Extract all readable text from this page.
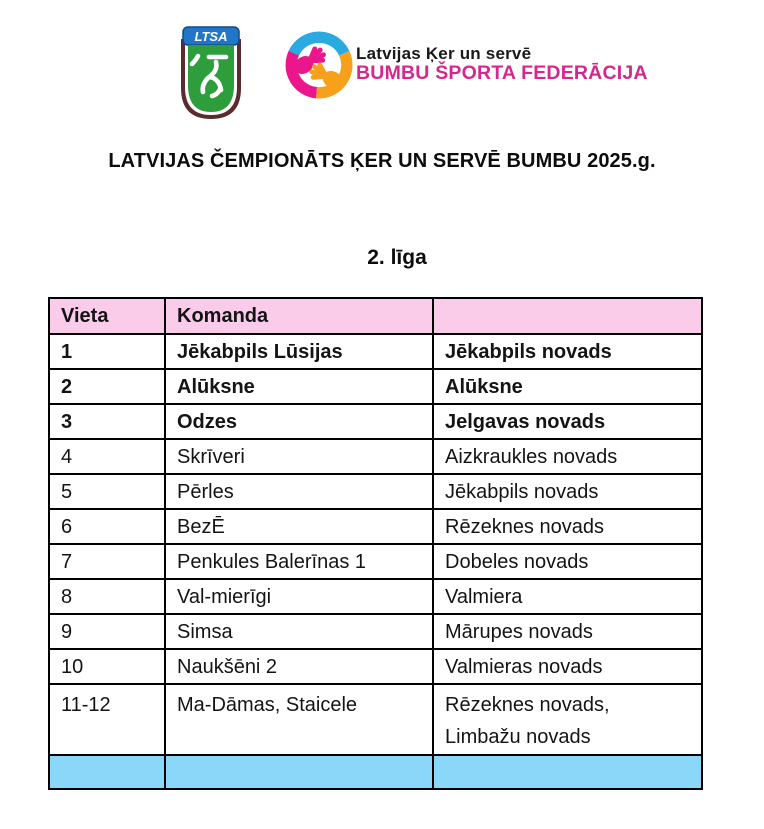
LTSA
Latvijas Ķer un servē
BUMBU ŠPORTA FEDERĀCIJA
LATVIJAS ČEMPIONĀTS ĶER UN SERVĒ BUMBU 2025.g.
2. līga
Vieta	Komanda	
1	Jēkabpils Lūsijas	Jēkabpils novads
2	Alūksne	Alūksne
3	Odzes	Jelgavas novads
4	Skrīveri	Aizkraukles novads
5	Pērles	Jēkabpils novads
6	BezĒ	Rēzeknes novads
7	Penkules Balerīnas 1	Dobeles novads
8	Val-mierīgi	Valmiera
9	Simsa	Mārupes novads
10	Naukšēni 2	Valmieras novads
11-12	Ma-Dāmas, Staicele	Rēzeknes novads,
Limbažu novads
